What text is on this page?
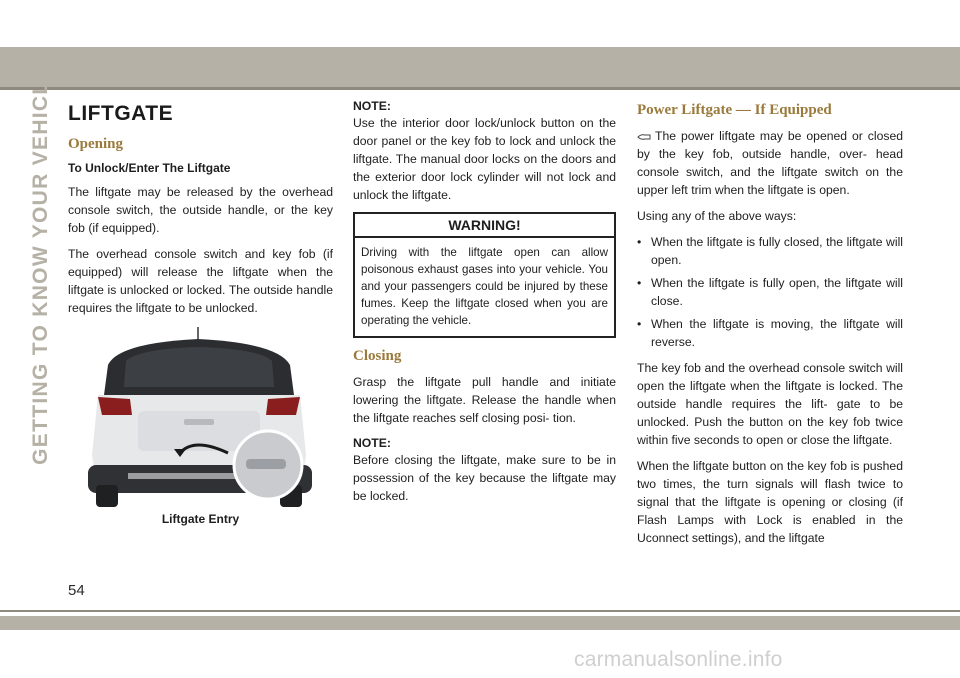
GETTING TO KNOW YOUR VEHICLE LIFTGATE
Opening
To Unlock/Enter The Liftgate

The liftgate may be released by the overhead console switch, the outside handle, or the key fob (if equipped).

The overhead console switch and key fob (if equipped) will release the liftgate when the liftgate is unlocked or locked. The outside handle requires the liftgate to be unlocked.

Liftgate Entry
NOTE:

Use the interior door lock/unlock button on the door panel or the key fob to lock and unlock the liftgate. The manual door locks on the doors and the exterior door lock cylinder will not lock and unlock the liftgate.

WARNING!
Driving with the liftgate open can allow poisonous exhaust gases into your vehicle. You and your passengers could be injured by these fumes. Keep the liftgate closed when you are operating the vehicle.
Closing

Grasp the liftgate pull handle and initiate lowering the liftgate. Release the handle when the liftgate reaches self closing posi- tion.

NOTE:

Before closing the liftgate, make sure to be in possession of the key because the liftgate may be locked.

Power Liftgate — If Equipped

The power liftgate may be opened or closed by the key fob, outside handle, over- head console switch, and the liftgate switch on the upper left trim when the liftgate is open.

Using any of the above ways:

• When the liftgate is fully closed, the liftgate will open.
• When the liftgate is fully open, the liftgate will close.
• When the liftgate is moving, the liftgate will reverse.

The key fob and the overhead console switch will open the liftgate when the liftgate is locked. The outside handle requires the lift- gate to be unlocked. Push the button on the key fob twice within five seconds to open or close the liftgate.

When the liftgate button on the key fob is pushed two times, the turn signals will flash twice to signal that the liftgate is opening or closing (if Flash Lamps with Lock is enabled in the Uconnect settings), and the liftgate

54
carmanualsonline.info
